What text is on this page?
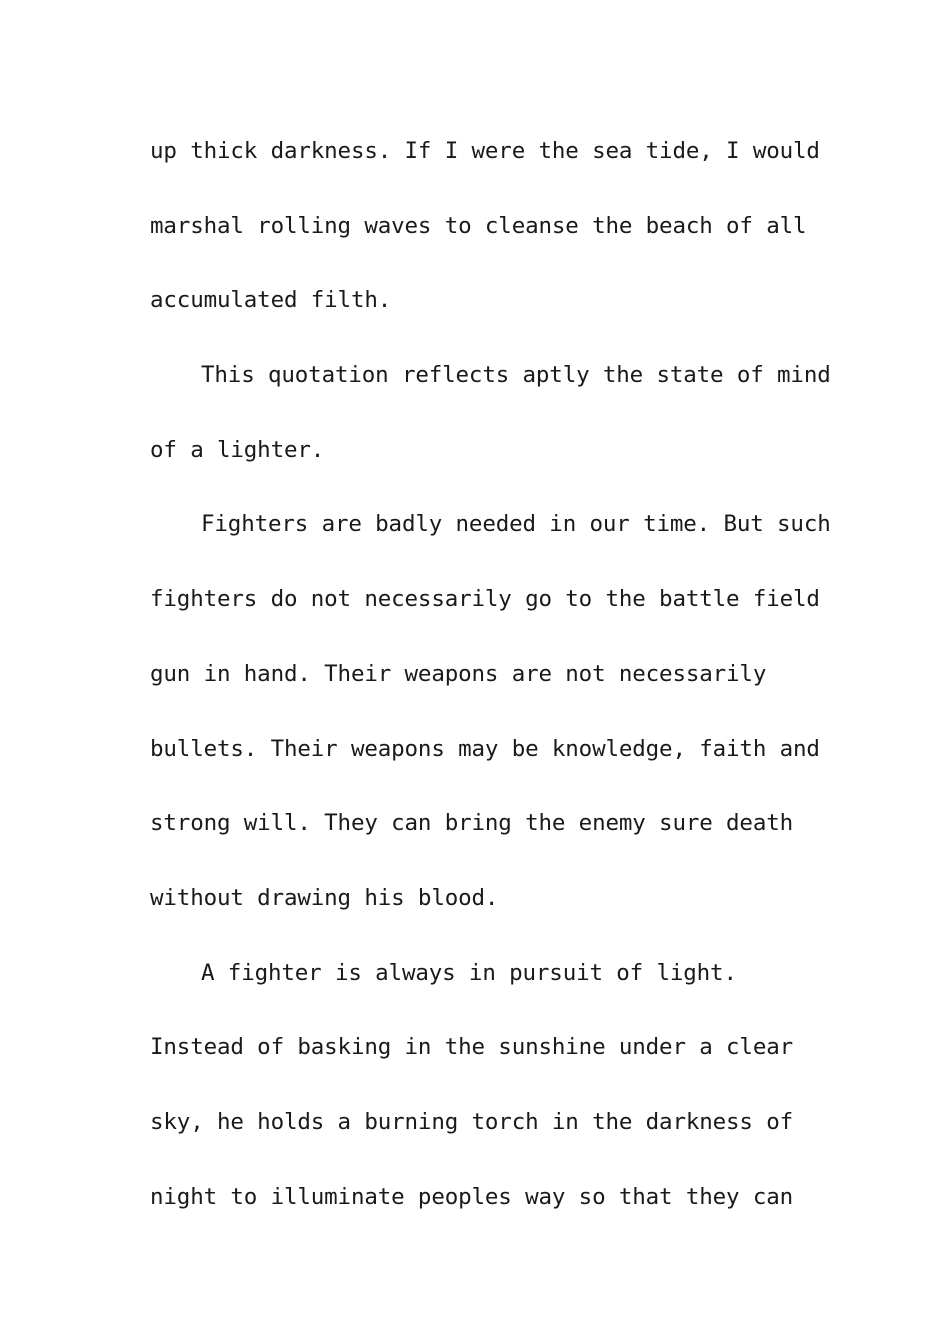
up thick darkness. If I were the sea tide, I would
marshal rolling waves to cleanse the beach of all
accumulated filth.
This quotation reflects aptly the state of mind
of a lighter.
Fighters are badly needed in our time. But such
fighters do not necessarily go to the battle field
gun in hand. Their weapons are not necessarily
bullets. Their weapons may be knowledge, faith and
strong will. They can bring the enemy sure death
without drawing his blood.
A fighter is always in pursuit of light.
Instead of basking in the sunshine under a clear
sky, he holds a burning torch in the darkness of
night to illuminate peoples way so that they can
